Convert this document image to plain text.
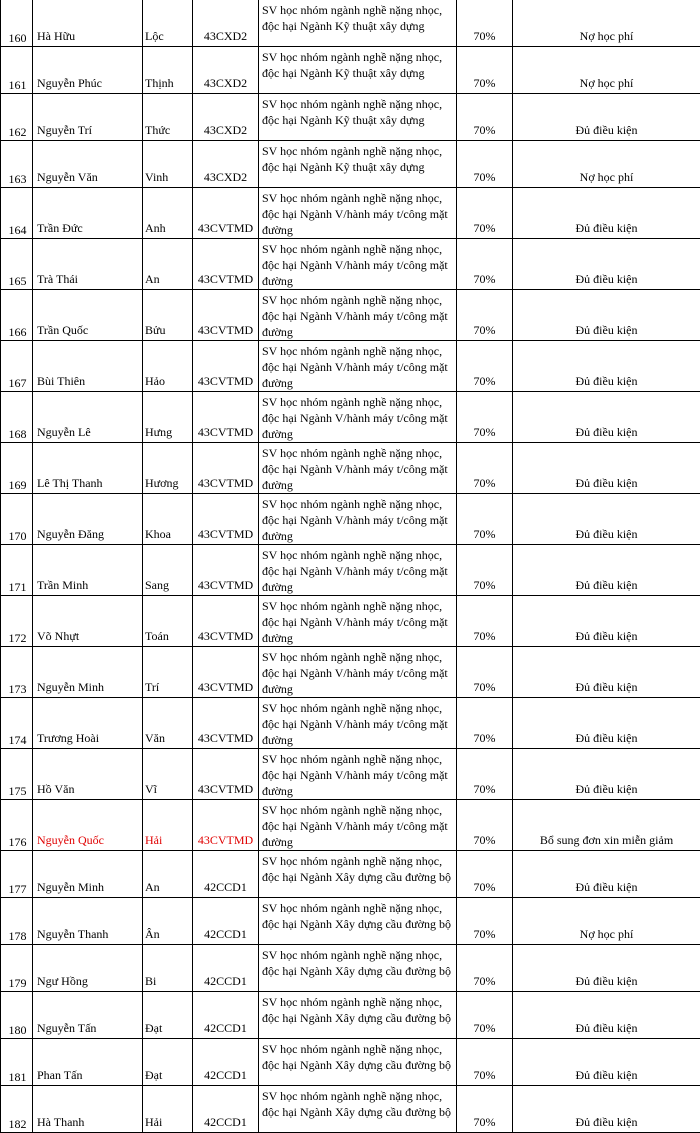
160	Hà Hữu	Lộc	43CXD2	SV học nhóm ngành nghề nặng nhọc, độc hại Ngành Kỹ thuật xây dựng	70%	Nợ học phí
161	Nguyễn Phúc	Thịnh	43CXD2	SV học nhóm ngành nghề nặng nhọc, độc hại Ngành Kỹ thuật xây dựng	70%	Nợ học phí
162	Nguyễn Trí	Thức	43CXD2	SV học nhóm ngành nghề nặng nhọc, độc hại Ngành Kỹ thuật xây dựng	70%	Đủ điều kiện
163	Nguyễn Văn	Vinh	43CXD2	SV học nhóm ngành nghề nặng nhọc, độc hại Ngành Kỹ thuật xây dựng	70%	Nợ học phí
164	Trần Đức	Anh	43CVTMD	SV học nhóm ngành nghề nặng nhọc, độc hại Ngành V/hành máy t/công mặt đường	70%	Đủ điều kiện
165	Trà Thái	An	43CVTMD	SV học nhóm ngành nghề nặng nhọc, độc hại Ngành V/hành máy t/công mặt đường	70%	Đủ điều kiện
166	Trần Quốc	Bửu	43CVTMD	SV học nhóm ngành nghề nặng nhọc, độc hại Ngành V/hành máy t/công mặt đường	70%	Đủ điều kiện
167	Bùi Thiên	Hảo	43CVTMD	SV học nhóm ngành nghề nặng nhọc, độc hại Ngành V/hành máy t/công mặt đường	70%	Đủ điều kiện
168	Nguyễn Lê	Hưng	43CVTMD	SV học nhóm ngành nghề nặng nhọc, độc hại Ngành V/hành máy t/công mặt đường	70%	Đủ điều kiện
169	Lê Thị Thanh	Hương	43CVTMD	SV học nhóm ngành nghề nặng nhọc, độc hại Ngành V/hành máy t/công mặt đường	70%	Đủ điều kiện
170	Nguyễn Đăng	Khoa	43CVTMD	SV học nhóm ngành nghề nặng nhọc, độc hại Ngành V/hành máy t/công mặt đường	70%	Đủ điều kiện
171	Trần Minh	Sang	43CVTMD	SV học nhóm ngành nghề nặng nhọc, độc hại Ngành V/hành máy t/công mặt đường	70%	Đủ điều kiện
172	Võ Nhựt	Toán	43CVTMD	SV học nhóm ngành nghề nặng nhọc, độc hại Ngành V/hành máy t/công mặt đường	70%	Đủ điều kiện
173	Nguyễn Minh	Trí	43CVTMD	SV học nhóm ngành nghề nặng nhọc, độc hại Ngành V/hành máy t/công mặt đường	70%	Đủ điều kiện
174	Trương Hoài	Văn	43CVTMD	SV học nhóm ngành nghề nặng nhọc, độc hại Ngành V/hành máy t/công mặt đường	70%	Đủ điều kiện
175	Hồ Văn	Vĩ	43CVTMD	SV học nhóm ngành nghề nặng nhọc, độc hại Ngành V/hành máy t/công mặt đường	70%	Đủ điều kiện
176	Nguyễn Quốc	Hải	43CVTMD	SV học nhóm ngành nghề nặng nhọc, độc hại Ngành V/hành máy t/công mặt đường	70%	Bổ sung đơn xin miễn giảm
177	Nguyễn Minh	An	42CCD1	SV học nhóm ngành nghề nặng nhọc, độc hại Ngành Xây dựng cầu đường bộ	70%	Đủ điều kiện
178	Nguyễn Thanh	Ân	42CCD1	SV học nhóm ngành nghề nặng nhọc, độc hại Ngành Xây dựng cầu đường bộ	70%	Nợ học phí
179	Ngư Hồng	Bi	42CCD1	SV học nhóm ngành nghề nặng nhọc, độc hại Ngành Xây dựng cầu đường bộ	70%	Đủ điều kiện
180	Nguyễn Tấn	Đạt	42CCD1	SV học nhóm ngành nghề nặng nhọc, độc hại Ngành Xây dựng cầu đường bộ	70%	Đủ điều kiện
181	Phan Tấn	Đạt	42CCD1	SV học nhóm ngành nghề nặng nhọc, độc hại Ngành Xây dựng cầu đường bộ	70%	Đủ điều kiện
182	Hà Thanh	Hải	42CCD1	SV học nhóm ngành nghề nặng nhọc, độc hại Ngành Xây dựng cầu đường bộ	70%	Đủ điều kiện
